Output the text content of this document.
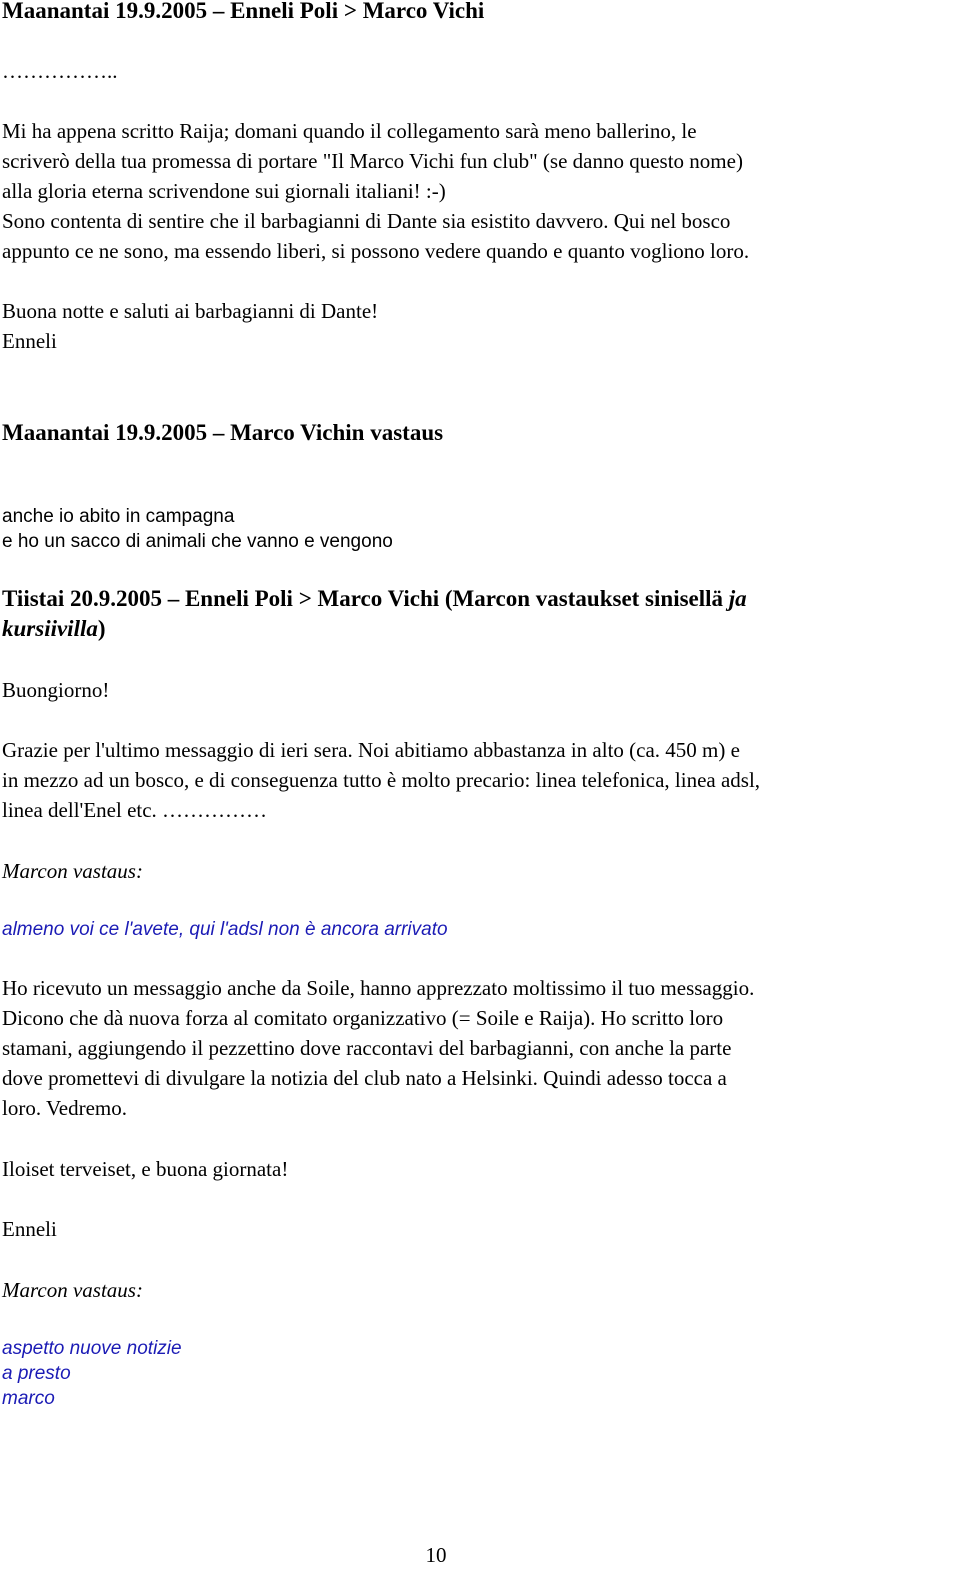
Maanantai 19.9.2005 – Enneli Poli > Marco Vichi

……………..

Mi ha appena scritto Raija; domani quando il collegamento sarà meno ballerino, le

scriverò della tua promessa di portare "Il Marco Vichi fun club" (se danno questo nome)

alla gloria eterna scrivendone sui giornali italiani! :-)

Sono contenta di sentire che il barbagianni di Dante sia esistito davvero. Qui nel bosco

appunto ce ne sono, ma essendo liberi, si possono vedere quando e quanto vogliono loro.

Buona notte e saluti ai barbagianni di Dante!

Enneli

Maanantai 19.9.2005 – Marco Vichin vastaus

anche io abito in campagna

e ho un sacco di animali che vanno e vengono

Tiistai 20.9.2005 – Enneli Poli > Marco Vichi (Marcon vastaukset sinisellä ja

kursiivilla)

Buongiorno!

Grazie per l'ultimo messaggio di ieri sera. Noi abitiamo abbastanza in alto (ca. 450 m) e

in mezzo ad un bosco, e di conseguenza tutto è molto precario: linea telefonica, linea adsl,

linea dell'Enel etc. ……………

Marcon vastaus:

almeno voi ce l'avete, qui l'adsl non è ancora arrivato

Ho ricevuto un messaggio anche da Soile, hanno apprezzato moltissimo il tuo messaggio.

Dicono che dà nuova forza al comitato organizzativo (= Soile e Raija). Ho scritto loro

stamani, aggiungendo il pezzettino dove raccontavi del barbagianni, con anche la parte

dove promettevi di divulgare la notizia del club nato a Helsinki. Quindi adesso tocca a

loro. Vedremo.

Iloiset terveiset, e buona giornata!

Enneli

Marcon vastaus:

aspetto nuove notizie

a presto

marco

10
